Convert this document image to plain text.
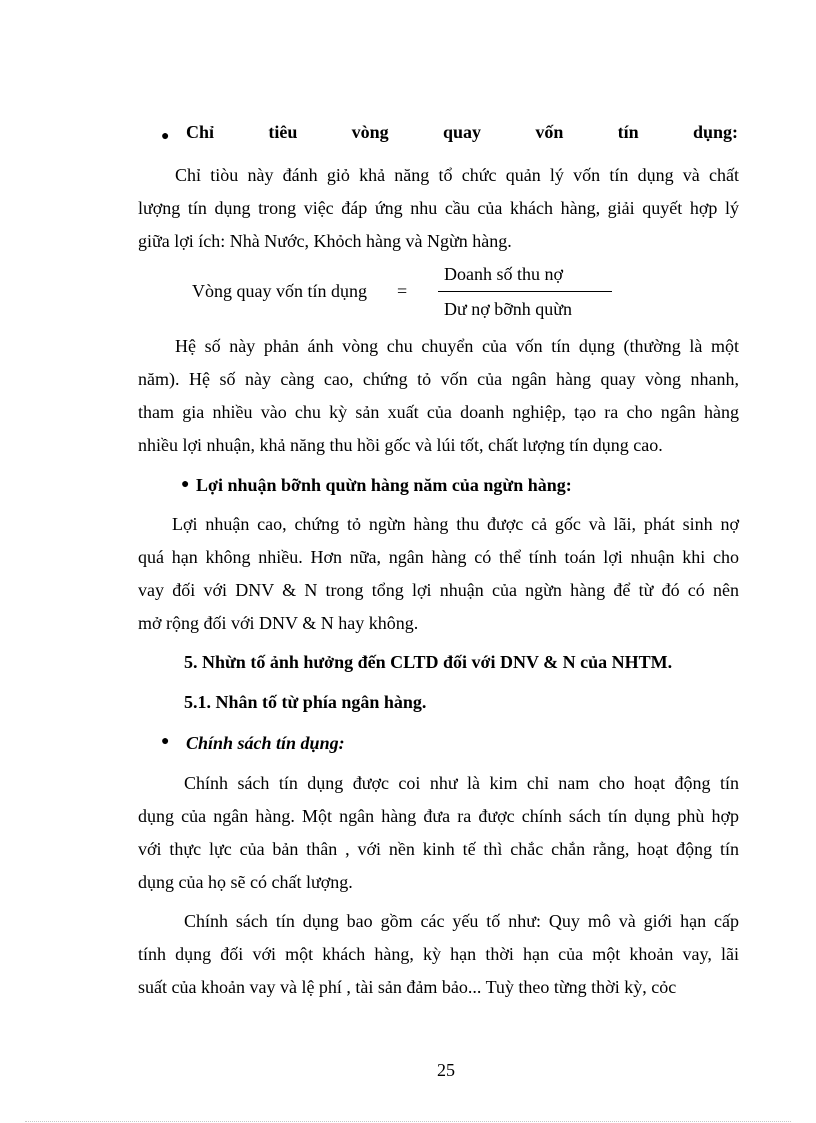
● Chỉ	tiêu	vòng	quay	vốn	tín	dụng:
Chỉ tiòu này đánh giỏ khả năng tổ chức quản lý vốn tín dụng và chất
lượng tín dụng trong việc đáp ứng nhu cầu của khách hàng, giải quyết hợp lý
giữa lợi ích: Nhà Nước, Khỏch hàng và Ngừn hàng.
Vòng quay vốn tín dụng =
Doanh số thu nợ
Dư nợ bỡnh quừn
Hệ số này phản ánh vòng chu chuyển của vốn tín dụng (thường là một
năm). Hệ số này càng cao, chứng tỏ vốn của ngân hàng quay vòng nhanh,
tham gia nhiều vào chu kỳ sản xuất của doanh nghiệp, tạo ra cho ngân hàng
nhiều lợi nhuận, khả năng thu hồi gốc và lúi tốt, chất lượng tín dụng cao.
● Lợi nhuận bỡnh quừn hàng năm của ngừn hàng:
Lợi nhuận cao, chứng tỏ ngừn hàng thu được cả gốc và lãi, phát sinh nợ
quá hạn không nhiều. Hơn nữa, ngân hàng có thể tính toán lợi nhuận khi cho
vay đối với DNV & N trong tổng lợi nhuận của ngừn hàng để từ đó có nên
mở rộng đối với DNV & N hay không.
5. Nhừn tố ảnh hưởng đến CLTD đối với DNV & N của NHTM.
5.1. Nhân tố từ phía ngân hàng.
● Chính sách tín dụng:
Chính sách tín dụng được coi như là kim chỉ nam cho hoạt động tín
dụng của ngân hàng. Một ngân hàng đưa ra được chính sách tín dụng phù hợp
với thực lực của bản thân , với nền kinh tế thì chắc chắn rằng, hoạt động tín
dụng của họ sẽ có chất lượng.
Chính sách tín dụng bao gồm các yếu tố như: Quy mô và giới hạn cấp
tính dụng đối với một khách hàng, kỳ hạn thời hạn của một khoản vay, lãi
suất của khoản vay và lệ phí , tài sản đảm bảo... Tuỳ theo từng thời kỳ, cỏc
25
